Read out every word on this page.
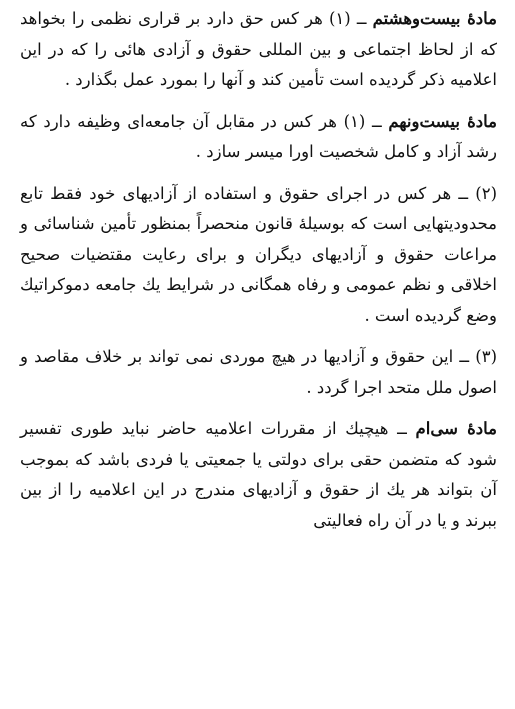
مادهٔ بیست‌وهشتم ــ (۱) هر کس حق دارد بر قراری نظمی را بخواهد که از لحاظ اجتماعی و بین المللی حقوق و آزادی هائی را که در این اعلامیه ذکر گردیده است تأمین کند و آنها را بمورد عمل بگذارد .

مادهٔ بیست‌ونهم ــ (۱) هر کس در مقابل آن جامعه‌ای وظیفه دارد که رشد آزاد و کامل شخصیت اورا میسر سازد .

(۲) ــ هر کس در اجرای حقوق و استفاده از آزادیهای خود فقط تابع محدودیتهایی است که بوسیله‌ٔ قانون منحصراً بمنظور تأمین شناسائی و مراعات حقوق و آزادیهای دیگران و برای رعایت مقتضیات صحیح اخلاقی و نظم عمومی و رفاه همگانی در شرایط یك جامعه دموکراتیك وضع گردیده است .

(۳) ــ این حقوق و آزادیها در هیچ موردی نمی تواند بر خلاف مقاصد و اصول ملل متحد اجرا گردد .

مادهٔ سی‌ام ــ هیچیك از مقررات اعلامیه حاضر نباید طوری تفسیر شود که متضمن حقی برای دولتی یا جمعیتی یا فردی باشد که بموجب آن بتواند هر یك از حقوق و آزادیهای مندرج در این اعلامیه را از بین ببرند و یا در آن راه فعالیتی
